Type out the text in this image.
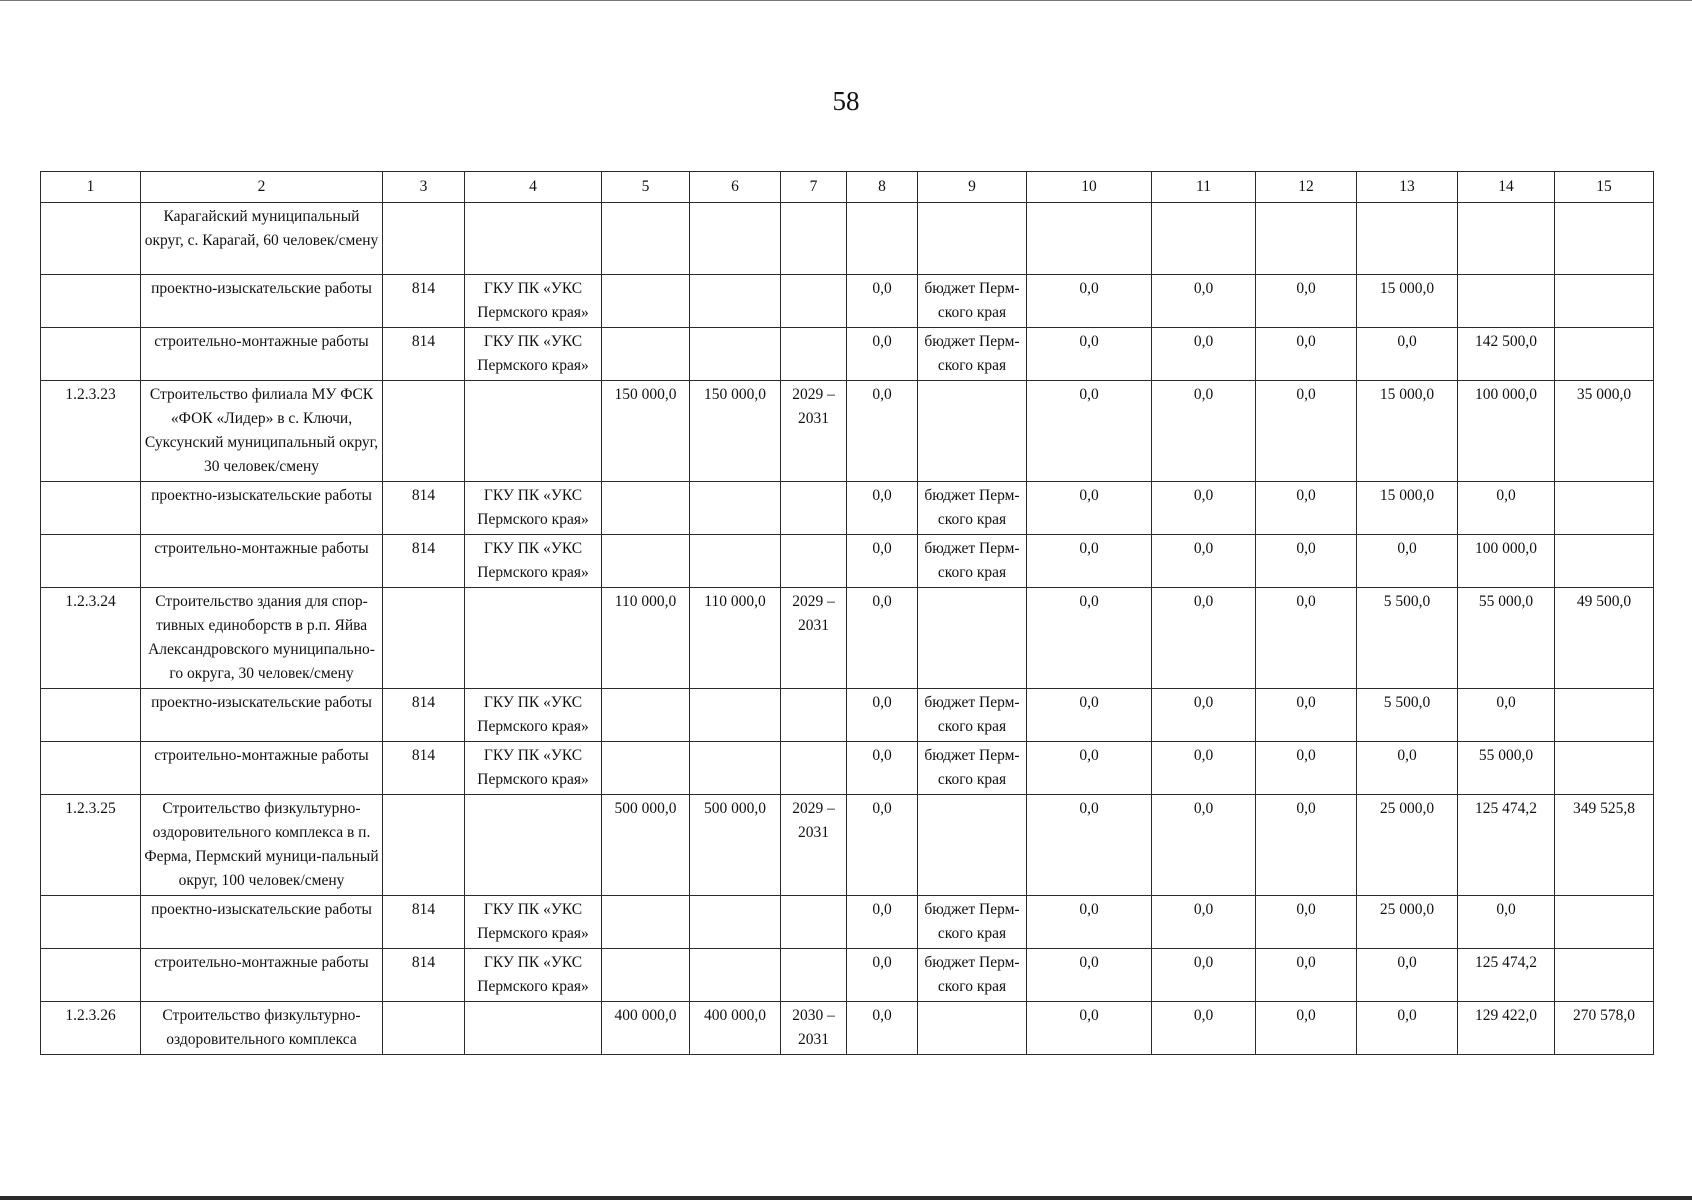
58
1	2	3	4	5	6	7	8	9	10	11	12	13	14	15
	Карагайский муниципальный округ, с. Карагай, 60 человек/смену													
	проектно-изыскательские работы	814	ГКУ ПК «УКС Пермского края»				0,0	бюджет Перм-ского края	0,0	0,0	0,0	15 000,0		
	строительно-монтажные работы	814	ГКУ ПК «УКС Пермского края»				0,0	бюджет Перм-ского края	0,0	0,0	0,0	0,0	142 500,0	
1.2.3.23	Строительство филиала МУ ФСК «ФОК «Лидер» в с. Ключи, Суксунский муниципальный округ, 30 человек/смену			150 000,0	150 000,0	2029 – 2031	0,0		0,0	0,0	0,0	15 000,0	100 000,0	35 000,0
	проектно-изыскательские работы	814	ГКУ ПК «УКС Пермского края»				0,0	бюджет Перм-ского края	0,0	0,0	0,0	15 000,0	0,0	
	строительно-монтажные работы	814	ГКУ ПК «УКС Пермского края»				0,0	бюджет Перм-ского края	0,0	0,0	0,0	0,0	100 000,0	
1.2.3.24	Строительство здания для спор-тивных единоборств в р.п. Яйва Александровского муниципально-го округа, 30 человек/смену			110 000,0	110 000,0	2029 – 2031	0,0		0,0	0,0	0,0	5 500,0	55 000,0	49 500,0
	проектно-изыскательские работы	814	ГКУ ПК «УКС Пермского края»				0,0	бюджет Перм-ского края	0,0	0,0	0,0	5 500,0	0,0	
	строительно-монтажные работы	814	ГКУ ПК «УКС Пермского края»				0,0	бюджет Перм-ского края	0,0	0,0	0,0	0,0	55 000,0	
1.2.3.25	Строительство физкультурно-оздоровительного комплекса в п. Ферма, Пермский муници-пальный округ, 100 человек/смену			500 000,0	500 000,0	2029 – 2031	0,0		0,0	0,0	0,0	25 000,0	125 474,2	349 525,8
	проектно-изыскательские работы	814	ГКУ ПК «УКС Пермского края»				0,0	бюджет Перм-ского края	0,0	0,0	0,0	25 000,0	0,0	
	строительно-монтажные работы	814	ГКУ ПК «УКС Пермского края»				0,0	бюджет Перм-ского края	0,0	0,0	0,0	0,0	125 474,2	
1.2.3.26	Строительство физкультурно-оздоровительного комплекса			400 000,0	400 000,0	2030 – 2031	0,0		0,0	0,0	0,0	0,0	129 422,0	270 578,0
